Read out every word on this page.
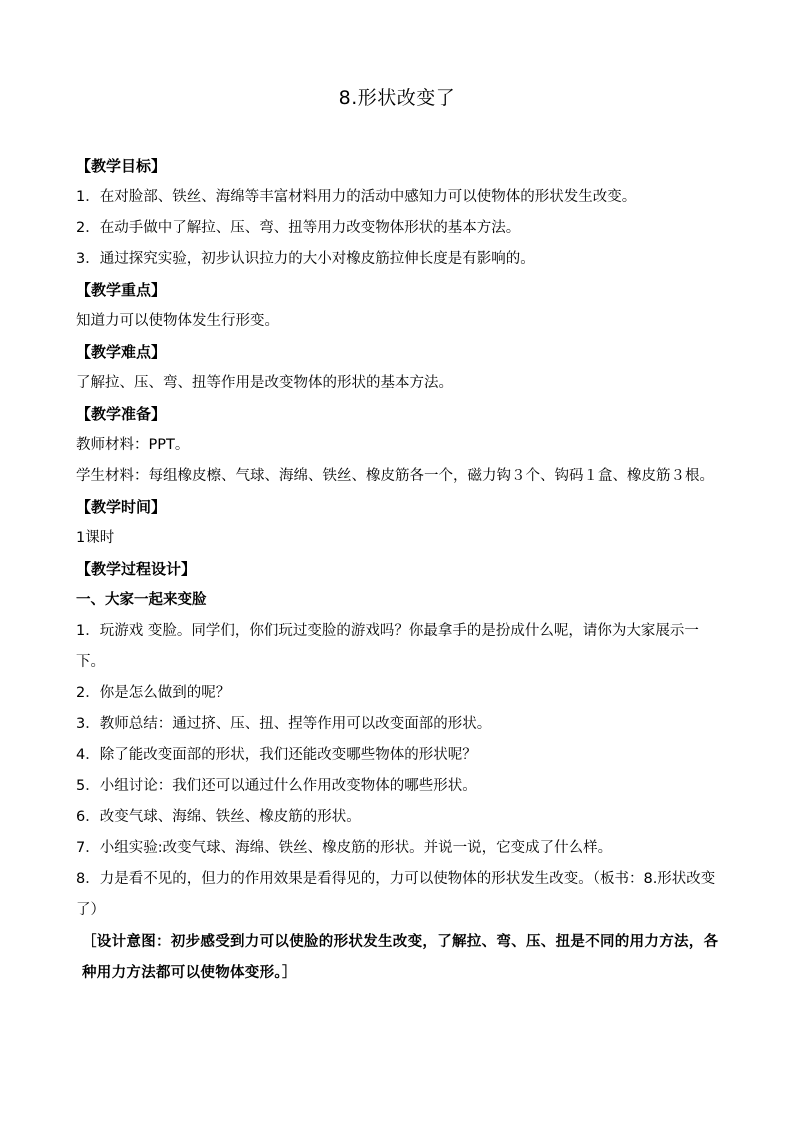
8.形状改变了
【教学目标】
1．在对脸部、铁丝、海绵等丰富材料用力的活动中感知力可以使物体的形状发生改变。
2．在动手做中了解拉、压、弯、扭等用力改变物体形状的基本方法。
3．通过探究实验，初步认识拉力的大小对橡皮筋拉伸长度是有影响的。
【教学重点】
知道力可以使物体发生行形变。
【教学难点】
了解拉、压、弯、扭等作用是改变物体的形状的基本方法。
【教学准备】
教师材料：PPT。
学生材料：每组橡皮檫、气球、海绵、铁丝、橡皮筋各一个，磁力钩３个、钩码１盒、橡皮筋３根。
【教学时间】
1课时
【教学过程设计】
一、大家一起来变脸
1．玩游戏 变脸。同学们，你们玩过变脸的游戏吗？你最拿手的是扮成什么呢，请你为大家展示一下。
2．你是怎么做到的呢？
3．教师总结：通过挤、压、扭、捏等作用可以改变面部的形状。
4．除了能改变面部的形状，我们还能改变哪些物体的形状呢？
5．小组讨论：我们还可以通过什么作用改变物体的哪些形状。
6．改变气球、海绵、铁丝、橡皮筋的形状。
7．小组实验:改变气球、海绵、铁丝、橡皮筋的形状。并说一说，它变成了什么样。
8．力是看不见的，但力的作用效果是看得见的，力可以使物体的形状发生改变。（板书：8.形状改变了）
［设计意图：初步感受到力可以使脸的形状发生改变，了解拉、弯、压、扭是不同的用力方法，各种用力方法都可以使物体变形。］
